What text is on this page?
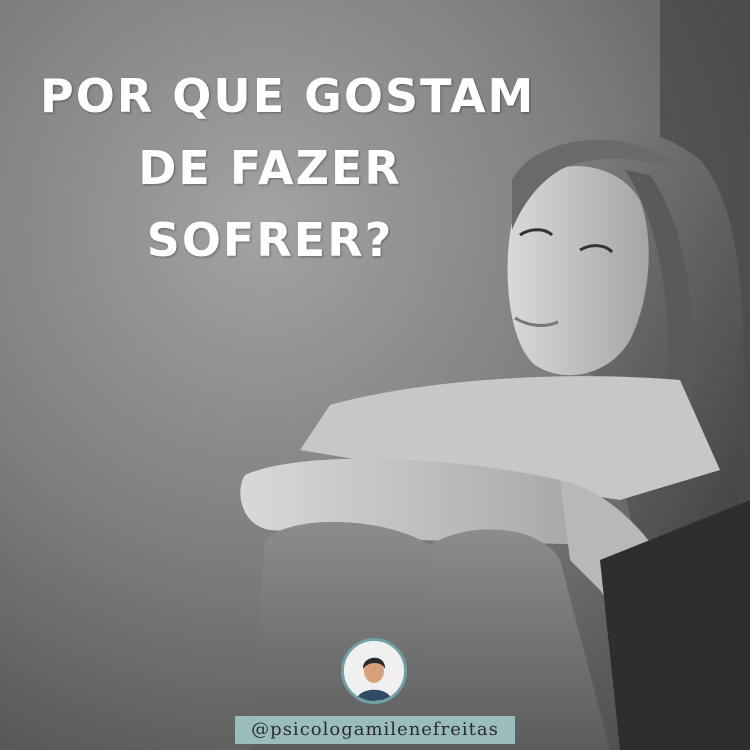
POR QUE GOSTAM
DE FAZER
SOFRER?
@psicologamilenefreitas
